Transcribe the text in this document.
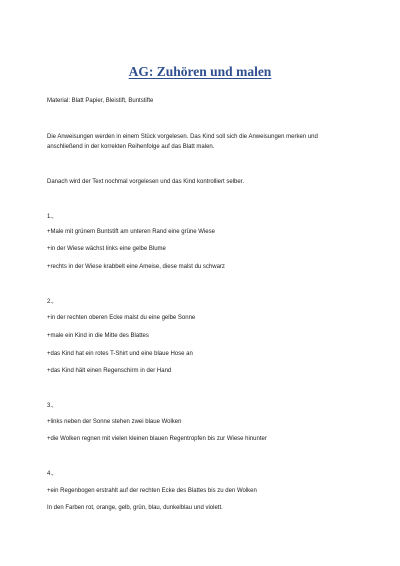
AG: Zuhören und malen
Material: Blatt Papier, Bleistift, Buntstifte
Die Anweisungen werden in einem Stück vorgelesen. Das Kind soll sich die Anweisungen merken und
anschließend in der korrekten Reihenfolge auf das Blatt malen.
Danach wird der Text nochmal vorgelesen und das Kind kontrolliert selber.
1.,
+Male mit grünem Buntstift am unteren Rand eine grüne Wiese
+in der Wiese wächst links eine gelbe Blume
+rechts in der Wiese krabbelt eine Ameise, diese malst du schwarz
2.,
+in der rechten oberen Ecke malst du eine gelbe Sonne
+male ein Kind in die Mitte des Blattes
+das Kind hat ein rotes T-Shirt und eine blaue Hose an
+das Kind hält einen Regenschirm in der Hand
3.,
+links neben der Sonne stehen zwei blaue Wolken
+die Wolken regnen mit vielen kleinen blauen Regentropfen bis zur Wiese hinunter
4.,
+ein Regenbogen erstrahlt auf der rechten Ecke des Blattes bis zu den Wolken
In den Farben rot, orange, gelb, grün, blau, dunkelblau und violett.
